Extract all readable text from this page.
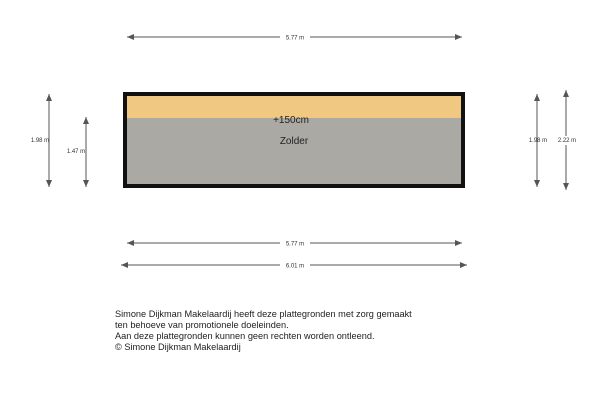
5.77 m
1.98 m
1.47 m
+150cm
Zolder	1.98 m 2.22 m
5.77 m
6.01 m
Simone Dijkman Makelaardij heeft deze plattegronden met zorg gemaakt
ten behoeve van promotionele doeleinden.
Aan deze plattegronden kunnen geen rechten worden ontleend.
© Simone Dijkman Makelaardij
